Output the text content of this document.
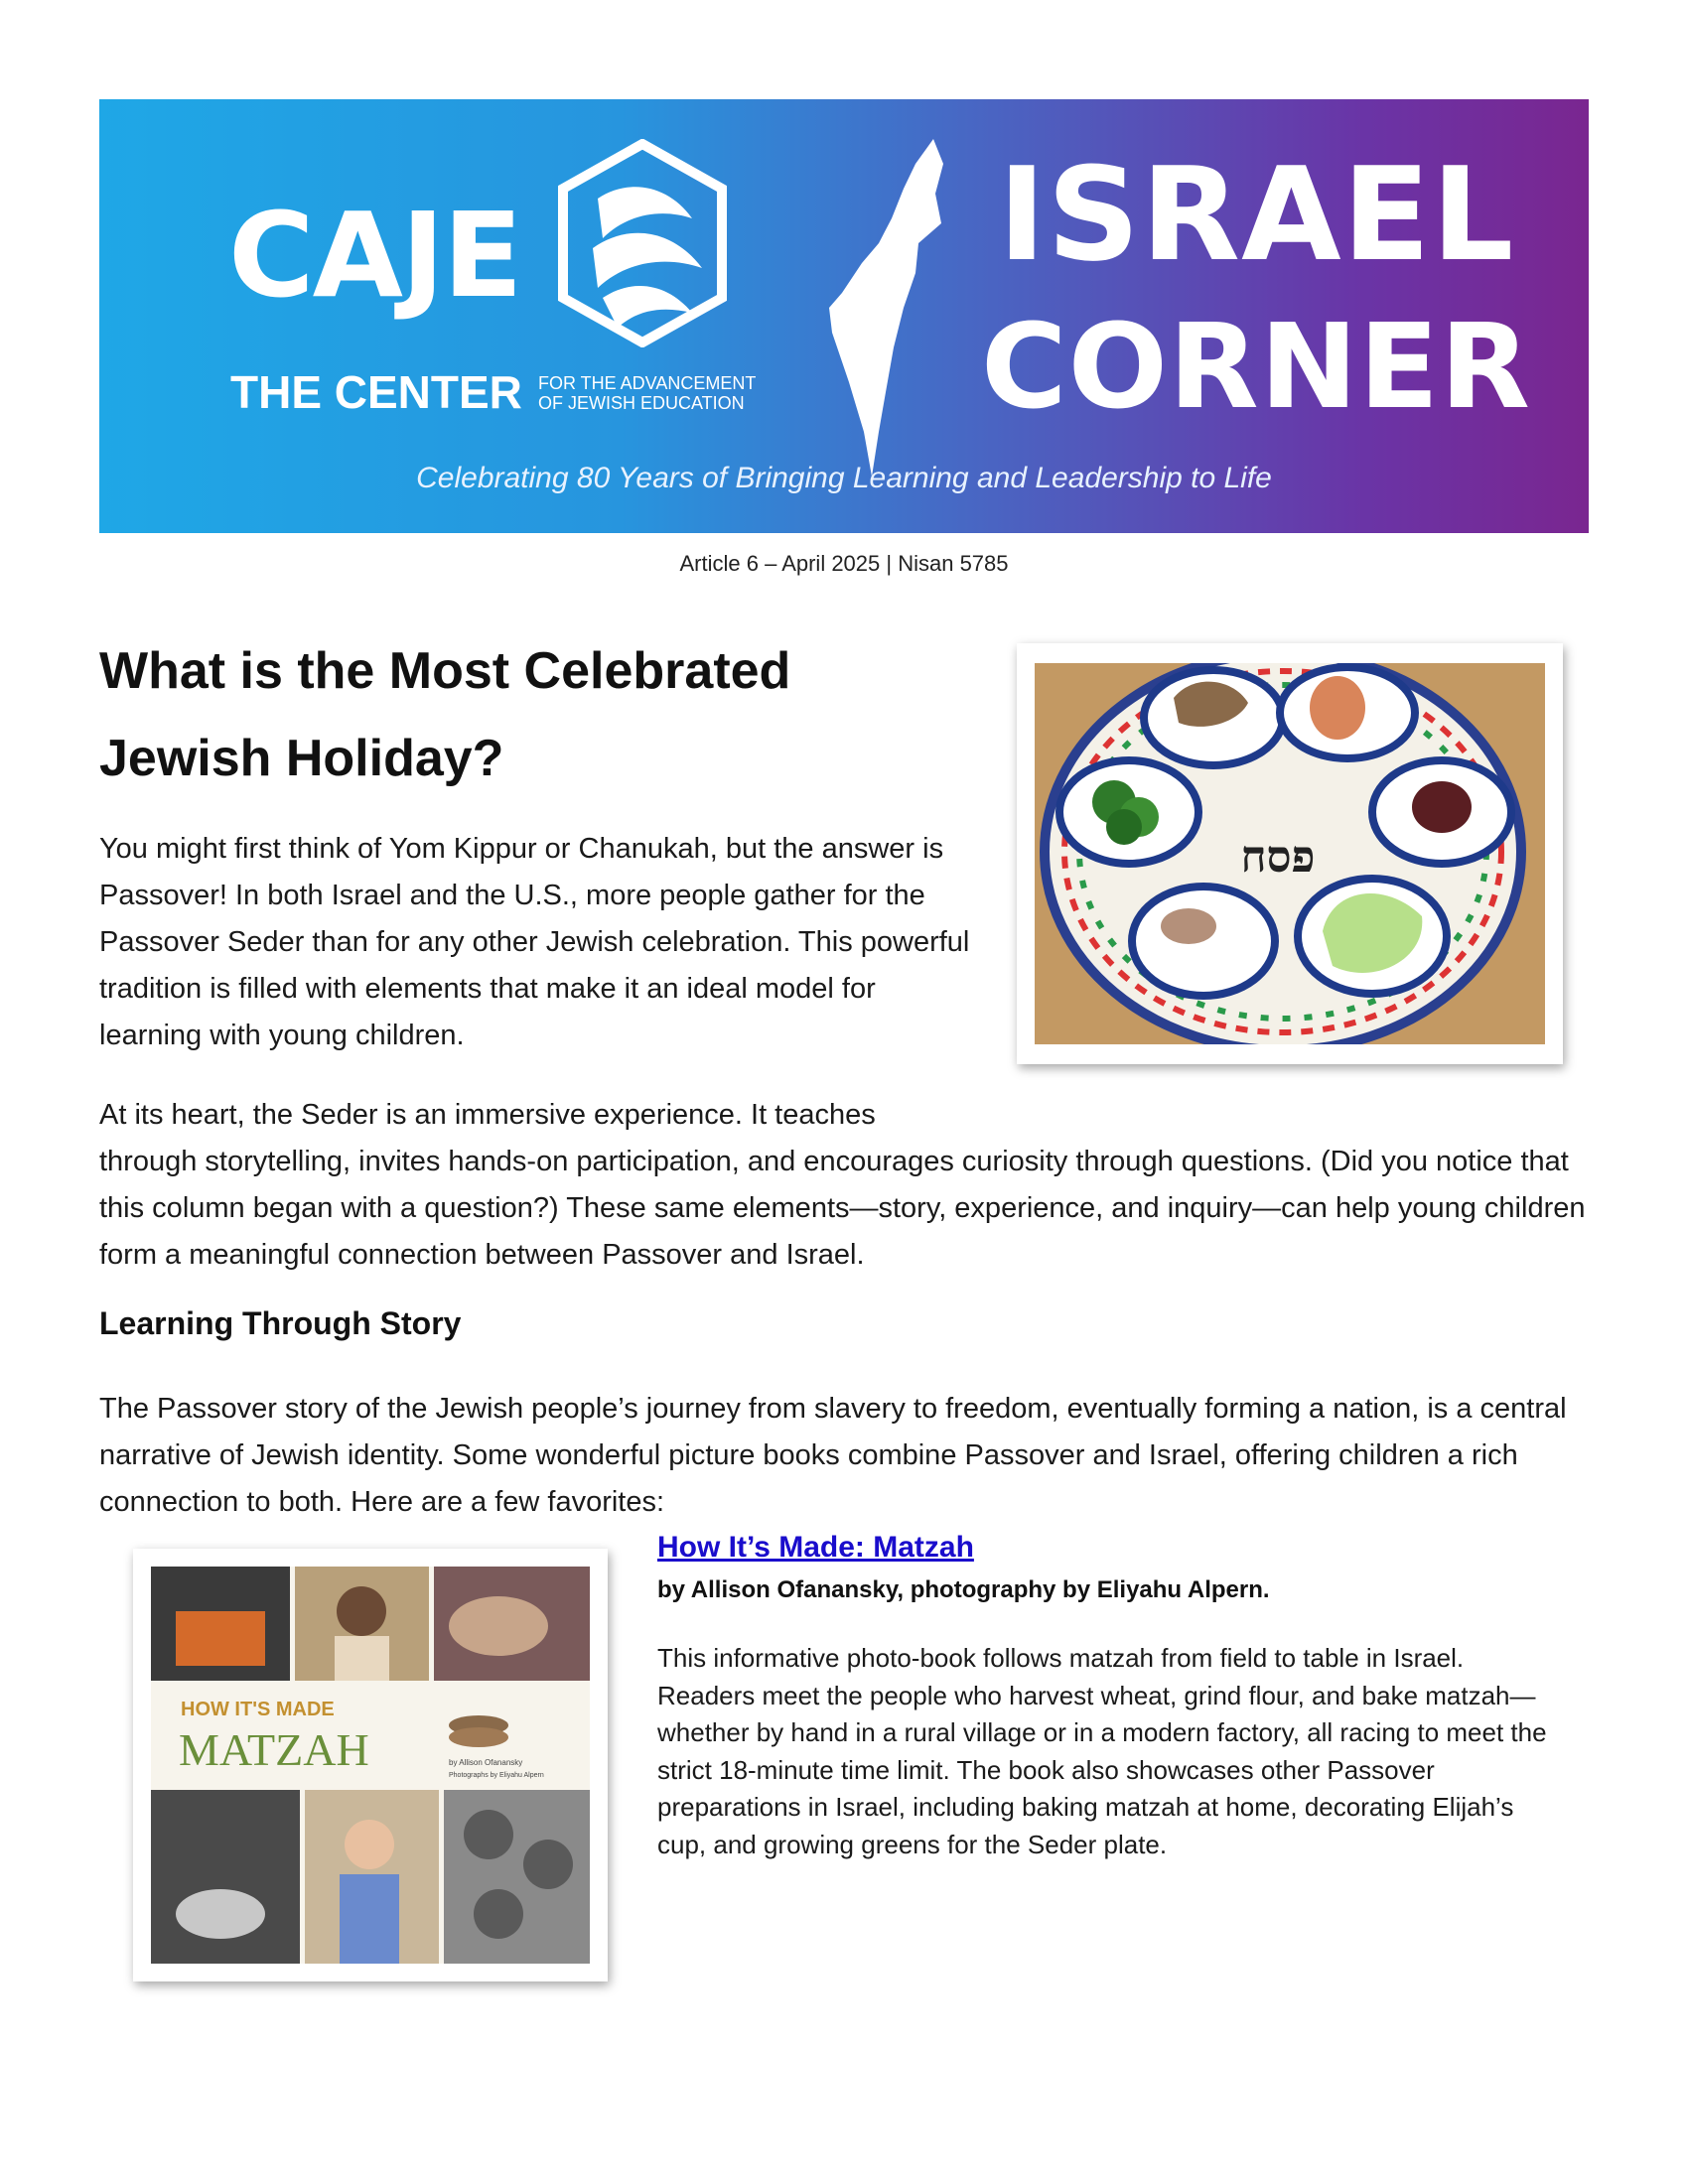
CAJE
THE CENTER FOR THE ADVANCEMENT
OF JEWISH EDUCATION
ISRAEL
CORNER
Celebrating 80 Years of Bringing Learning and Leadership to Life
Article 6 – April 2025 | Nisan 5785
What is the Most Celebrated Jewish Holiday?
פסח

You might first think of Yom Kippur or Chanukah, but the answer is Passover! In both Israel and the U.S., more people gather for the Passover Seder than for any other Jewish celebration. This powerful tradition is filled with elements that make it an ideal model for learning with young children.

At its heart, the Seder is an immersive experience. It teaches
through storytelling, invites hands-on participation, and encourages curiosity through questions. (Did you notice that this column began with a question?) These same elements—story, experience, and inquiry—can help young children form a meaningful connection between Passover and Israel.

Learning Through Story

The Passover story of the Jewish people’s journey from slavery to freedom, eventually forming a nation, is a central narrative of Jewish identity. Some wonderful picture books combine Passover and Israel, offering children a rich connection to both. Here are a few favorites:

HOW IT'S MADE
MATZAH	by Allison Ofanansky
Photographs by Eliyahu Alpern
How It’s Made: Matzah
by Allison Ofanansky, photography by Eliyahu Alpern.

This informative photo-book follows matzah from field to table in Israel. Readers meet the people who harvest wheat, grind flour, and bake matzah—whether by hand in a rural village or in a modern factory, all racing to meet the strict 18-minute time limit. The book also showcases other Passover preparations in Israel, including baking matzah at home, decorating Elijah’s cup, and growing greens for the Seder plate.
